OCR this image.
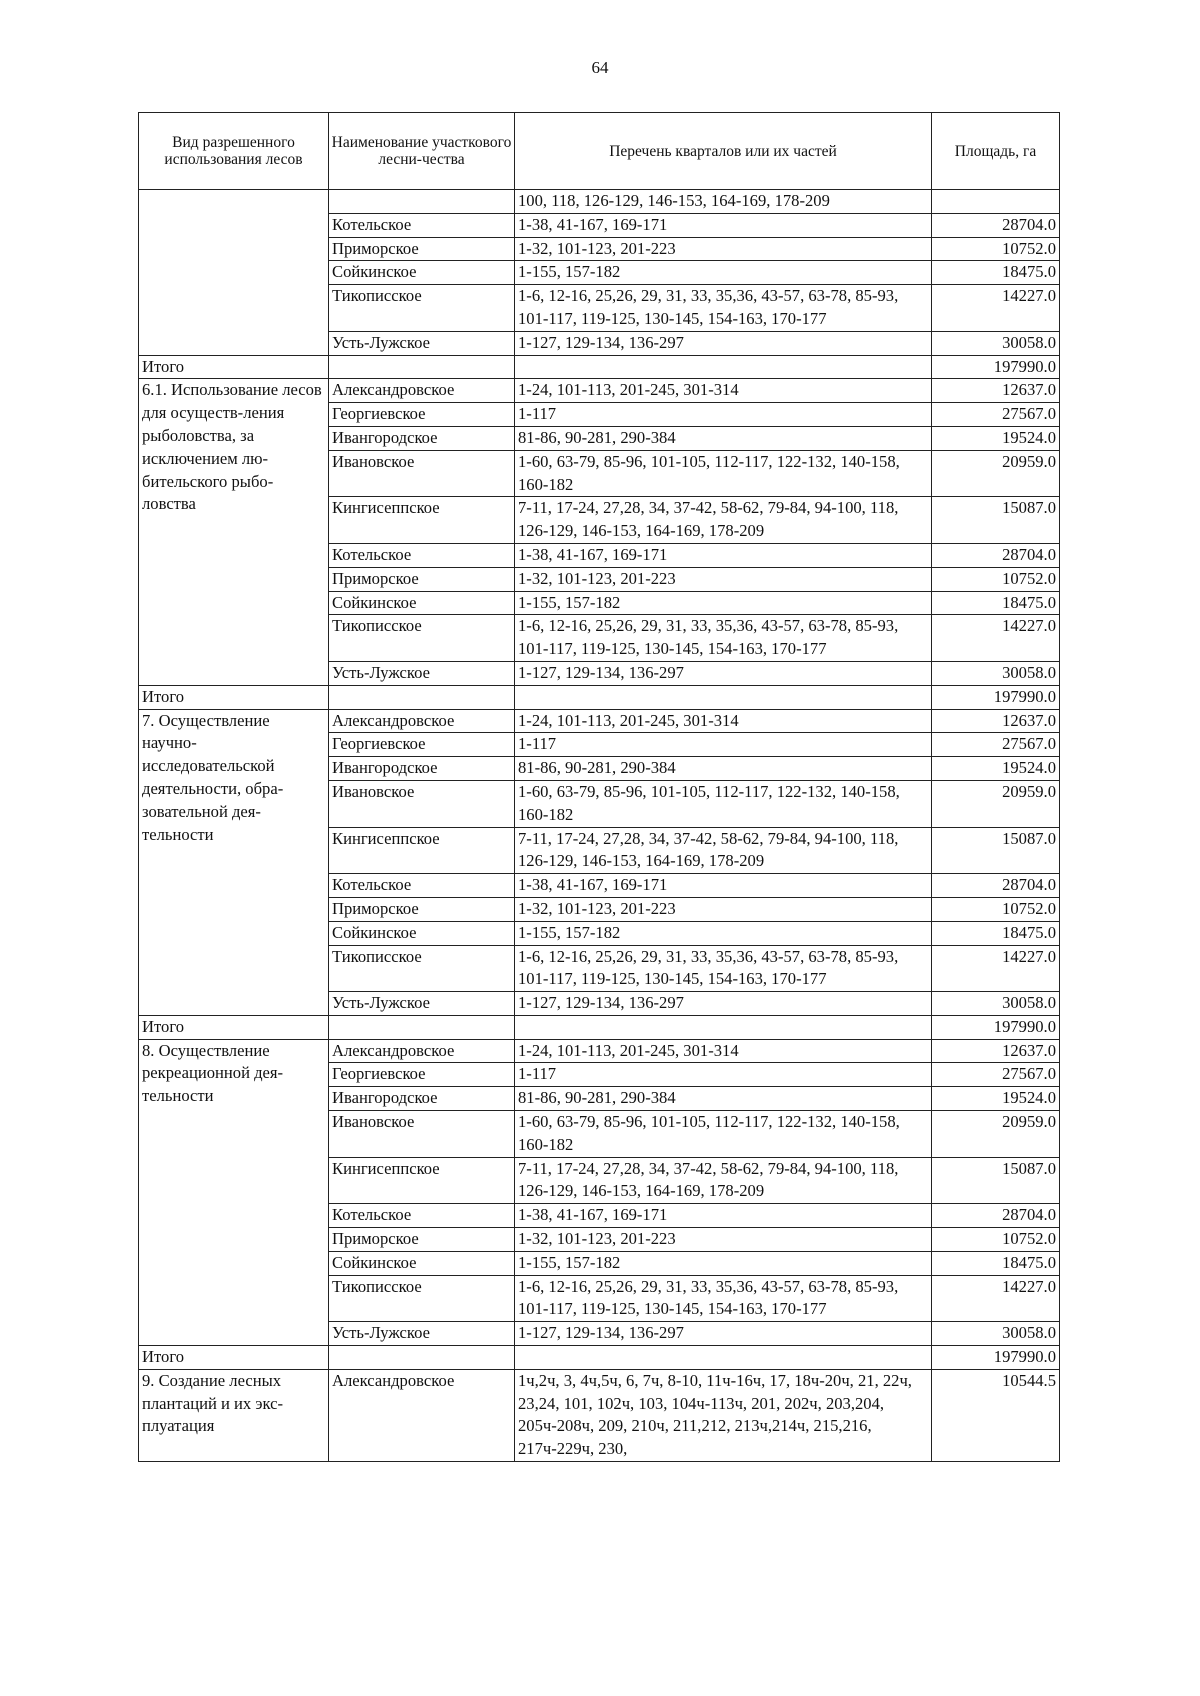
64
Вид разрешенного использования лесов	Наименование участкового лесни-чества	Перечень кварталов или их частей	Площадь, га
		100, 118, 126-129, 146-153, 164-169, 178-209	
	Котельское	1-38, 41-167, 169-171	28704.0
	Приморское	1-32, 101-123, 201-223	10752.0
	Сойкинское	1-155, 157-182	18475.0
	Тикописское	1-6, 12-16, 25,26, 29, 31, 33, 35,36, 43-57, 63-78, 85-93, 101-117, 119-125, 130-145, 154-163, 170-177	14227.0
	Усть-Лужское	1-127, 129-134, 136-297	30058.0
Итого			197990.0
6.1. Использование лесов для осуществ-ления рыболовства, за исключением лю-бительского рыбо-ловства	Александровское	1-24, 101-113, 201-245, 301-314	12637.0
	Георгиевское	1-117	27567.0
	Ивангородское	81-86, 90-281, 290-384	19524.0
	Ивановское	1-60, 63-79, 85-96, 101-105, 112-117, 122-132, 140-158, 160-182	20959.0
	Кингисеппское	7-11, 17-24, 27,28, 34, 37-42, 58-62, 79-84, 94-100, 118, 126-129, 146-153, 164-169, 178-209	15087.0
	Котельское	1-38, 41-167, 169-171	28704.0
	Приморское	1-32, 101-123, 201-223	10752.0
	Сойкинское	1-155, 157-182	18475.0
	Тикописское	1-6, 12-16, 25,26, 29, 31, 33, 35,36, 43-57, 63-78, 85-93, 101-117, 119-125, 130-145, 154-163, 170-177	14227.0
	Усть-Лужское	1-127, 129-134, 136-297	30058.0
Итого			197990.0
7. Осуществление научно-исследовательской деятельности, обра-зовательной дея-тельности	Александровское	1-24, 101-113, 201-245, 301-314	12637.0
	Георгиевское	1-117	27567.0
	Ивангородское	81-86, 90-281, 290-384	19524.0
	Ивановское	1-60, 63-79, 85-96, 101-105, 112-117, 122-132, 140-158, 160-182	20959.0
	Кингисеппское	7-11, 17-24, 27,28, 34, 37-42, 58-62, 79-84, 94-100, 118, 126-129, 146-153, 164-169, 178-209	15087.0
	Котельское	1-38, 41-167, 169-171	28704.0
	Приморское	1-32, 101-123, 201-223	10752.0
	Сойкинское	1-155, 157-182	18475.0
	Тикописское	1-6, 12-16, 25,26, 29, 31, 33, 35,36, 43-57, 63-78, 85-93, 101-117, 119-125, 130-145, 154-163, 170-177	14227.0
	Усть-Лужское	1-127, 129-134, 136-297	30058.0
Итого			197990.0
8. Осуществление рекреационной дея-тельности	Александровское	1-24, 101-113, 201-245, 301-314	12637.0
	Георгиевское	1-117	27567.0
	Ивангородское	81-86, 90-281, 290-384	19524.0
	Ивановское	1-60, 63-79, 85-96, 101-105, 112-117, 122-132, 140-158, 160-182	20959.0
	Кингисеппское	7-11, 17-24, 27,28, 34, 37-42, 58-62, 79-84, 94-100, 118, 126-129, 146-153, 164-169, 178-209	15087.0
	Котельское	1-38, 41-167, 169-171	28704.0
	Приморское	1-32, 101-123, 201-223	10752.0
	Сойкинское	1-155, 157-182	18475.0
	Тикописское	1-6, 12-16, 25,26, 29, 31, 33, 35,36, 43-57, 63-78, 85-93, 101-117, 119-125, 130-145, 154-163, 170-177	14227.0
	Усть-Лужское	1-127, 129-134, 136-297	30058.0
Итого			197990.0
9. Создание лесных плантаций и их экс-плуатация	Александровское	1ч,2ч, 3, 4ч,5ч, 6, 7ч, 8-10, 11ч-16ч, 17, 18ч-20ч, 21, 22ч, 23,24, 101, 102ч, 103, 104ч-113ч, 201, 202ч, 203,204, 205ч-208ч, 209, 210ч, 211,212, 213ч,214ч, 215,216, 217ч-229ч, 230,	10544.5
